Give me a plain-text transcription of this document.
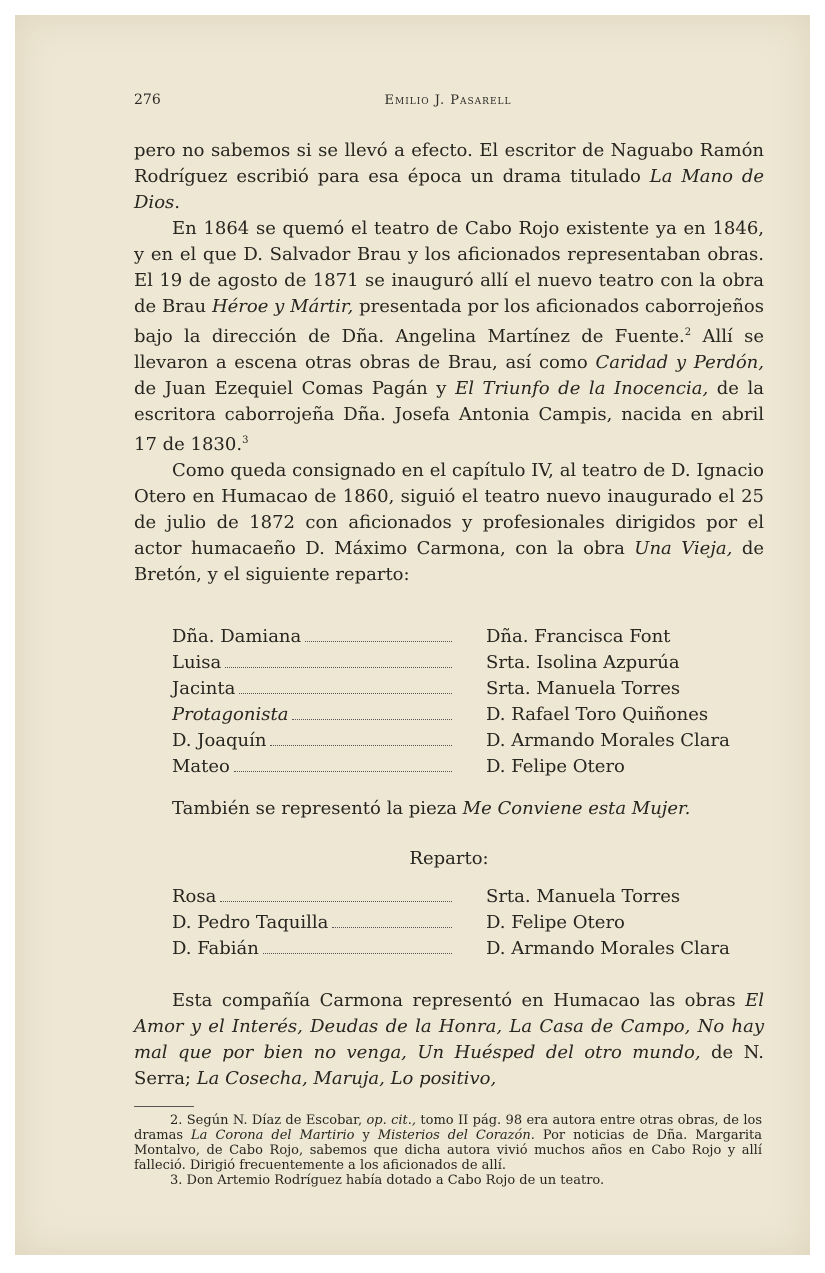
276	Emilio J. Pasarell

pero no sabemos si se llevó a efecto. El escritor de Naguabo Ramón Rodríguez escribió para esa época un drama titulado La Mano de Dios.

En 1864 se quemó el teatro de Cabo Rojo existente ya en 1846, y en el que D. Salvador Brau y los aficionados representaban obras. El 19 de agosto de 1871 se inauguró allí el nuevo teatro con la obra de Brau Héroe y Mártir, presentada por los aficionados caborrojeños bajo la dirección de Dña. Angelina Martínez de Fuente.$^2$ Allí se llevaron a escena otras obras de Brau, así como Caridad y Perdón, de Juan Ezequiel Comas Pagán y El Triunfo de la Inocencia, de la escritora caborrojeña Dña. Josefa Antonia Campis, nacida en abril 17 de 1830.$^3$

Como queda consignado en el capítulo IV, al teatro de D. Ignacio Otero en Humacao de 1860, siguió el teatro nuevo inaugurado el 25 de julio de 1872 con aficionados y profesionales dirigidos por el actor humacaeño D. Máximo Carmona, con la obra Una Vieja, de Bretón, y el siguiente reparto:

Dña. Damiana	Dña. Francisca Font
Luisa	Srta. Isolina Azpurúa
Jacinta	Srta. Manuela Torres
Protagonista	D. Rafael Toro Quiñones
D. Joaquín	D. Armando Morales Clara
Mateo	D. Felipe Otero
También se representó la pieza Me Conviene esta Mujer.
Reparto:
Rosa	Srta. Manuela Torres
D. Pedro Taquilla	D. Felipe Otero
D. Fabián	D. Armando Morales Clara

Esta compañía Carmona representó en Humacao las obras El Amor y el Interés, Deudas de la Honra, La Casa de Campo, No hay mal que por bien no venga, Un Huésped del otro mundo, de N. Serra; La Cosecha, Maruja, Lo positivo,

2. Según N. Díaz de Escobar, op. cit., tomo II pág. 98 era autora entre otras obras, de los dramas La Corona del Martirio y Misterios del Corazón. Por noticias de Dña. Margarita Montalvo, de Cabo Rojo, sabemos que dicha autora vivió muchos años en Cabo Rojo y allí falleció. Dirigió frecuentemente a los aficionados de allí.

3. Don Artemio Rodríguez había dotado a Cabo Rojo de un teatro.
